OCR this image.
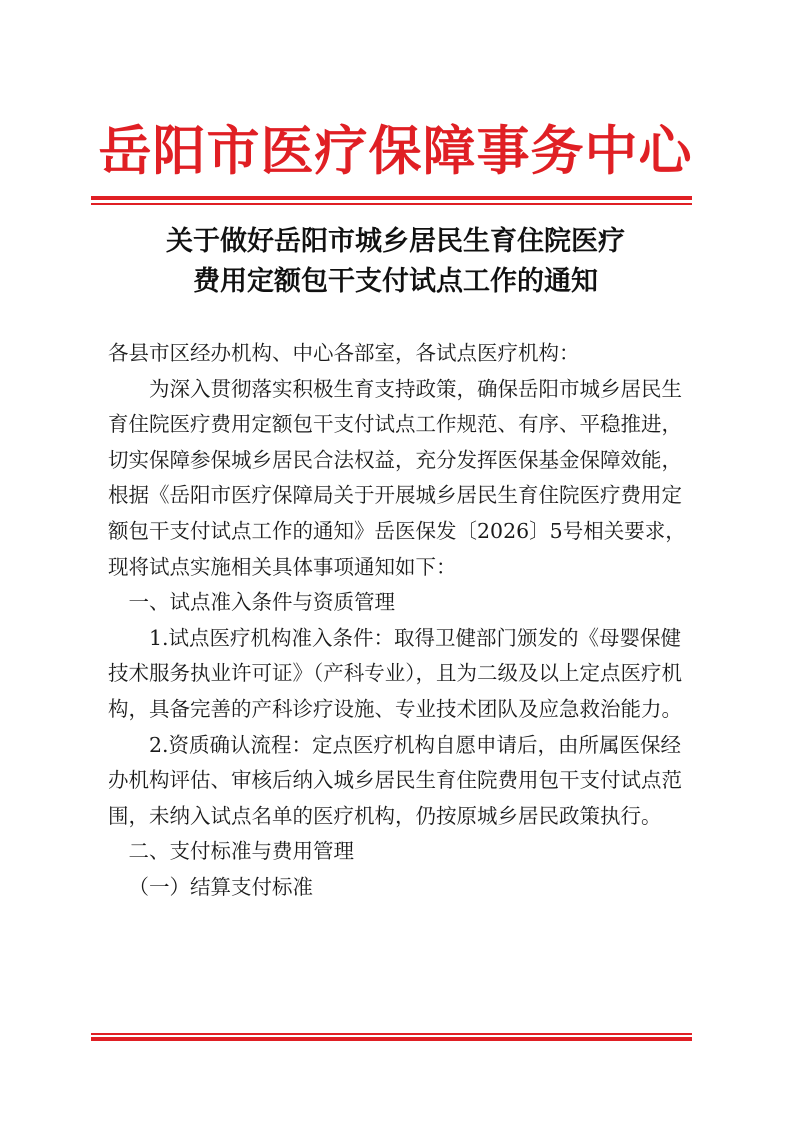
岳阳市医疗保障事务中心
关于做好岳阳市城乡居民生育住院医疗
费用定额包干支付试点工作的通知

各县市区经办机构、中心各部室，各试点医疗机构：

为深入贯彻落实积极生育支持政策，确保岳阳市城乡居民生育住院医疗费用定额包干支付试点工作规范、有序、平稳推进，切实保障参保城乡居民合法权益，充分发挥医保基金保障效能，根据《岳阳市医疗保障局关于开展城乡居民生育住院医疗费用定额包干支付试点工作的通知》岳医保发〔2026〕5号相关要求，现将试点实施相关具体事项通知如下：

一、试点准入条件与资质管理

1.试点医疗机构准入条件：取得卫健部门颁发的《母婴保健技术服务执业许可证》（产科专业），且为二级及以上定点医疗机构，具备完善的产科诊疗设施、专业技术团队及应急救治能力。

2.资质确认流程：定点医疗机构自愿申请后，由所属医保经办机构评估、审核后纳入城乡居民生育住院费用包干支付试点范围，未纳入试点名单的医疗机构，仍按原城乡居民政策执行。

二、支付标准与费用管理

（一）结算支付标准
